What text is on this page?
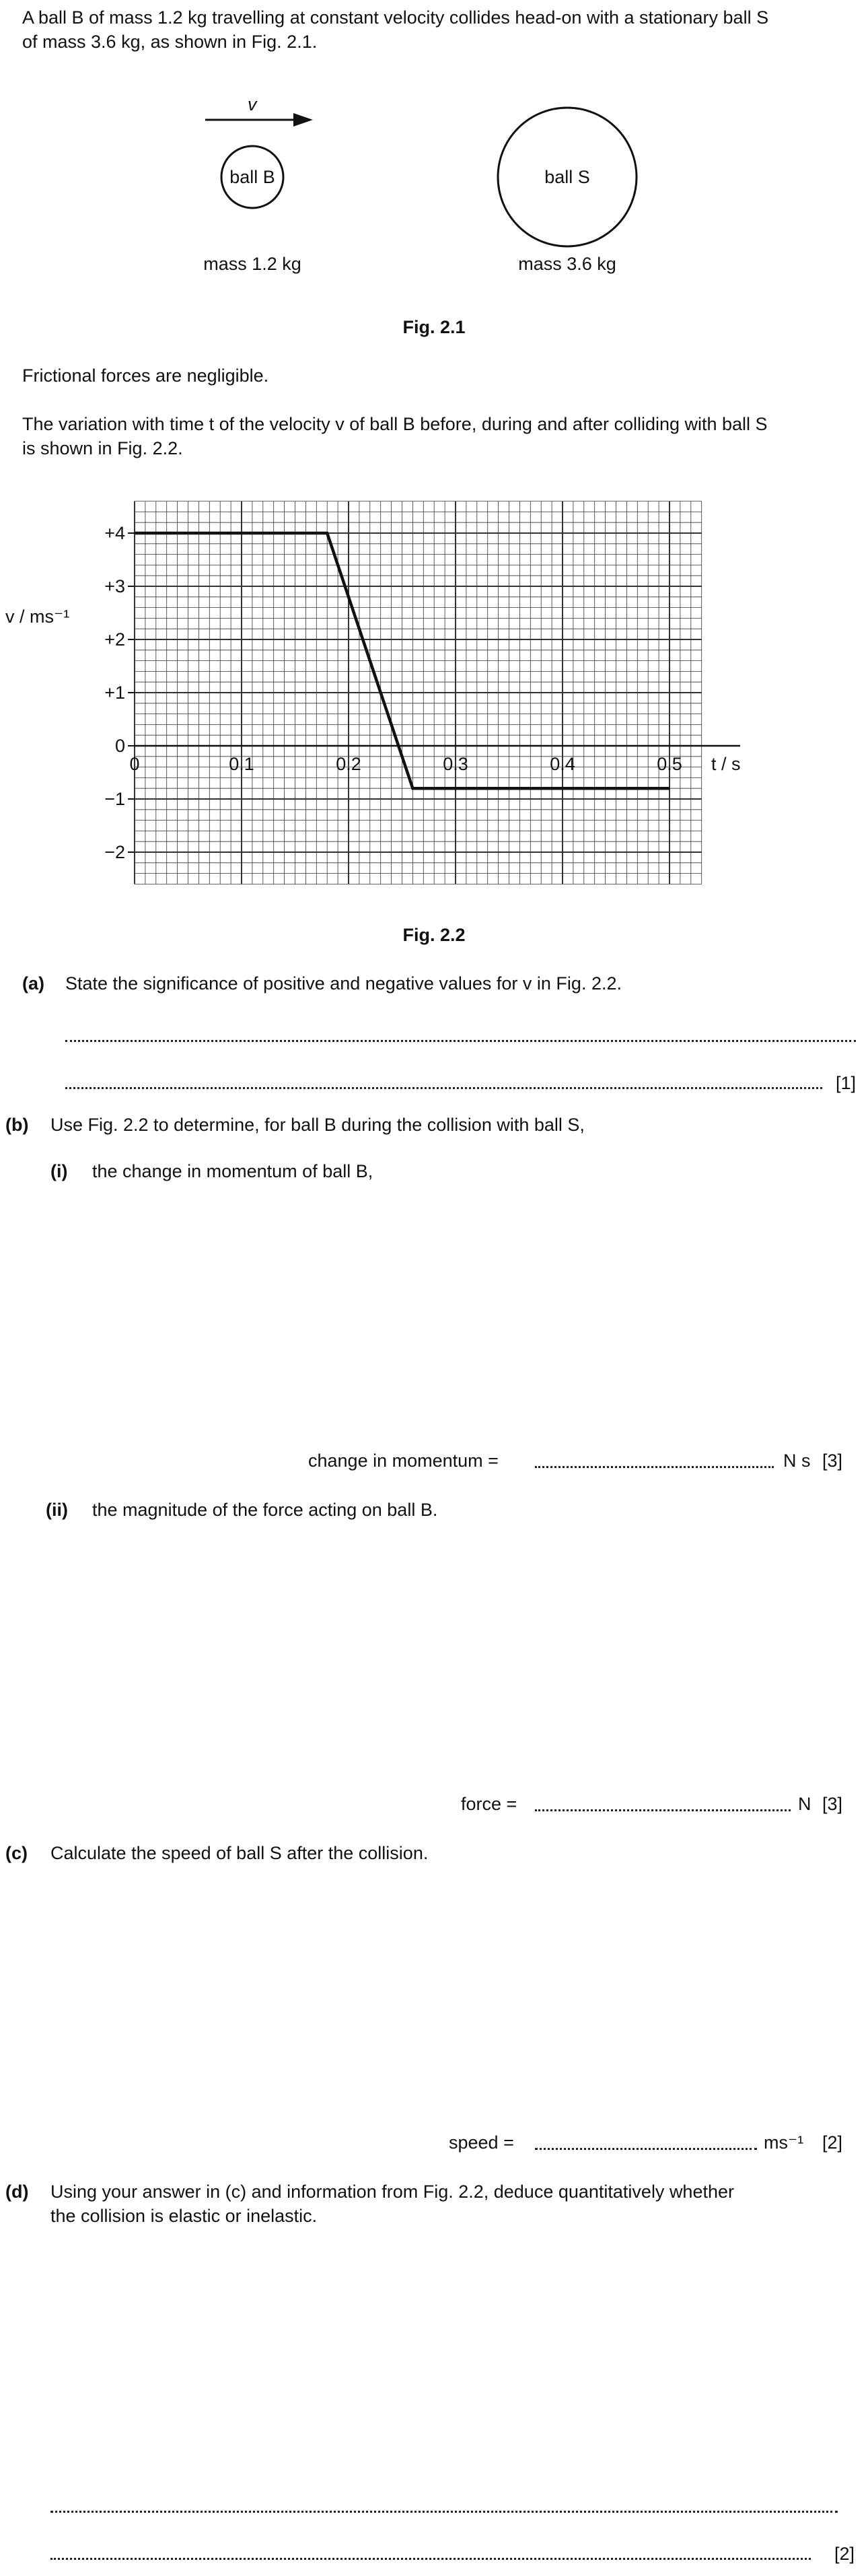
A ball B of mass 1.2 kg travelling at constant velocity collides head-on with a stationary ball S
of mass 3.6 kg, as shown in Fig. 2.1.
v
ball B	ball S
mass 1.2 kg	mass 3.6 kg
Fig. 2.1
Frictional forces are negligible.
The variation with time t of the velocity v of ball B before, during and after colliding with ball S
is shown in Fig. 2.2.
+4
+3
+2
+1
0
−1
−2
0	0.1	0.2	0.3	0.4	0.5
v / ms⁻¹
t / s
Fig. 2.2
(a) State the significance of positive and negative values for v in Fig. 2.2.
[1]
(b) Use Fig. 2.2 to determine, for ball B during the collision with ball S,
(i) the change in momentum of ball B,
change in momentum =	N s [3]
(ii) the magnitude of the force acting on ball B.
force =	N [3]
(c) Calculate the speed of ball S after the collision.
speed =	ms⁻¹ [2]
(d) Using your answer in (c) and information from Fig. 2.2, deduce quantitatively whether
the collision is elastic or inelastic.
[2]
